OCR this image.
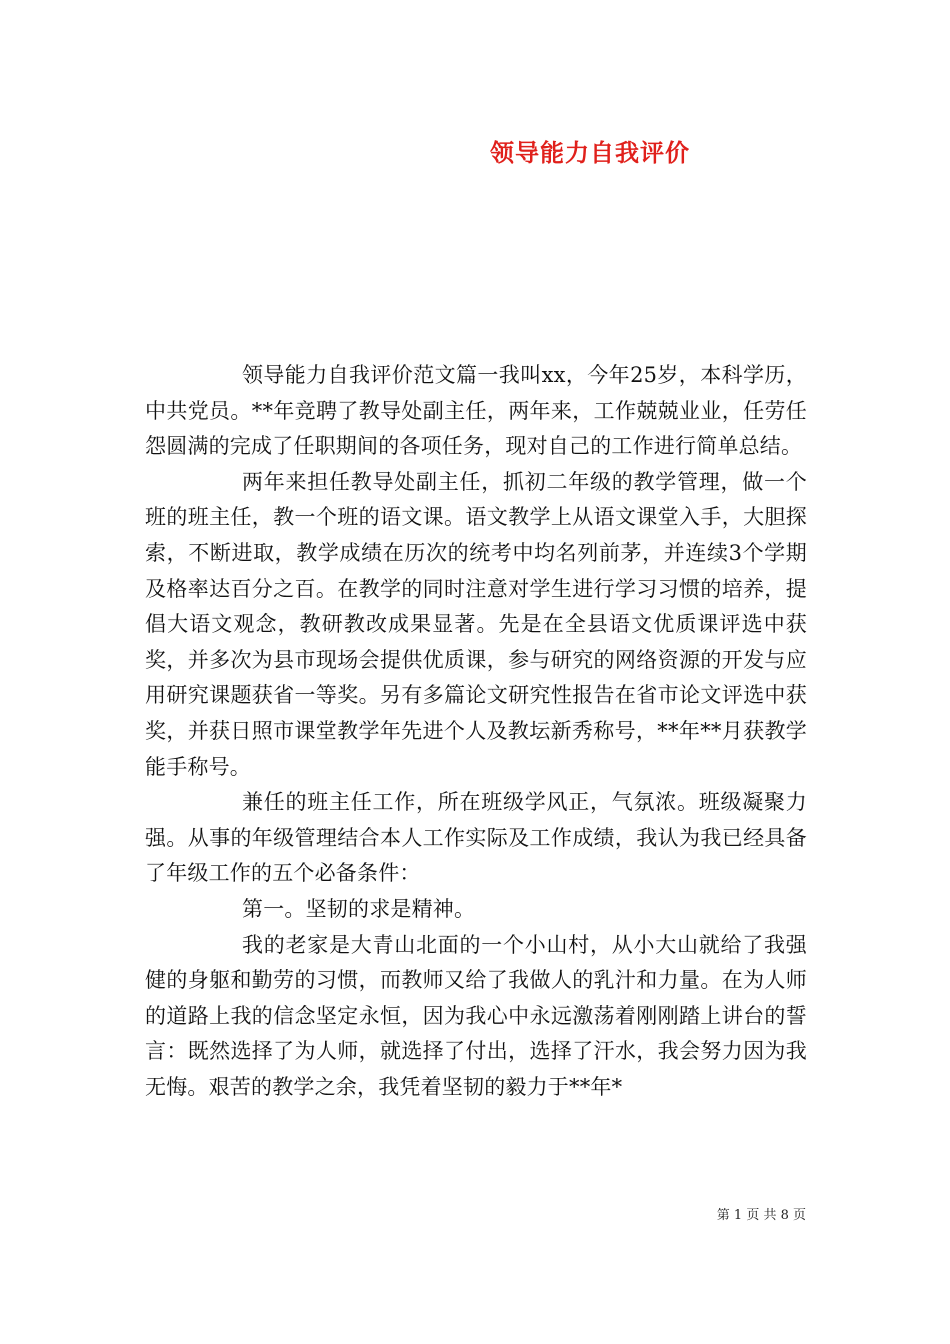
领导能力自我评价

领导能力自我评价范文篇一我叫xx，今年25岁，本科学历，中共党员。**年竞聘了教导处副主任，两年来，工作兢兢业业，任劳任怨圆满的完成了任职期间的各项任务，现对自己的工作进行简单总结。

两年来担任教导处副主任，抓初二年级的教学管理，做一个班的班主任，教一个班的语文课。语文教学上从语文课堂入手，大胆探索，不断进取，教学成绩在历次的统考中均名列前茅，并连续3个学期及格率达百分之百。在教学的同时注意对学生进行学习习惯的培养，提倡大语文观念，教研教改成果显著。先是在全县语文优质课评选中获奖，并多次为县市现场会提供优质课，参与研究的网络资源的开发与应用研究课题获省一等奖。另有多篇论文研究性报告在省市论文评选中获奖，并获日照市课堂教学年先进个人及教坛新秀称号，**年**月获教学能手称号。

兼任的班主任工作，所在班级学风正，气氛浓。班级凝聚力强。从事的年级管理结合本人工作实际及工作成绩，我认为我已经具备了年级工作的五个必备条件：

第一。坚韧的求是精神。

我的老家是大青山北面的一个小山村，从小大山就给了我强健的身躯和勤劳的习惯，而教师又给了我做人的乳汁和力量。在为人师的道路上我的信念坚定永恒，因为我心中永远激荡着刚刚踏上讲台的誓言：既然选择了为人师，就选择了付出，选择了汗水，我会努力因为我无悔。艰苦的教学之余，我凭着坚韧的毅力于**年*

第 1 页 共 8 页
